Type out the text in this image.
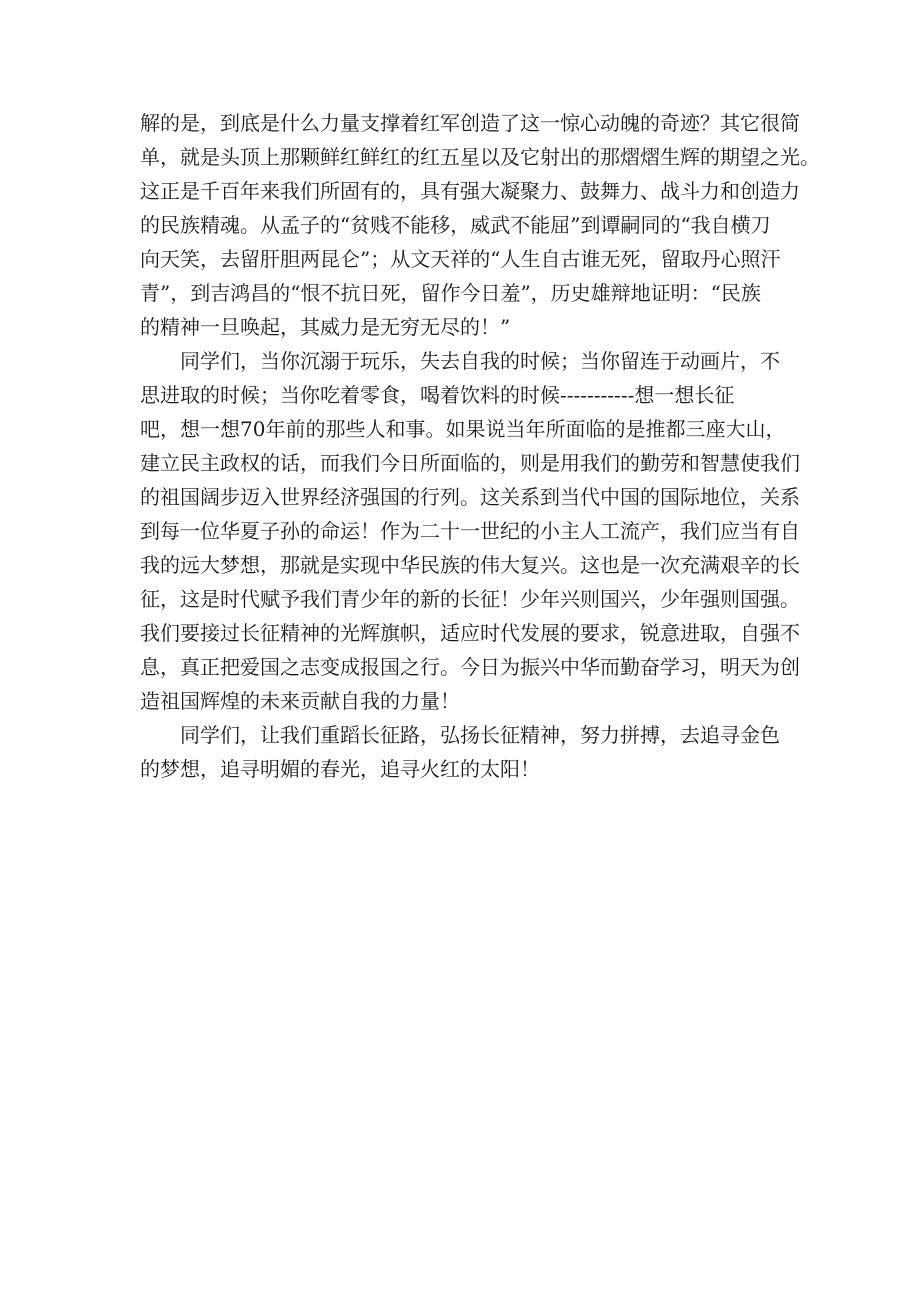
解的是，到底是什么力量支撑着红军创造了这一惊心动魄的奇迹？其它很简
单，就是头顶上那颗鲜红鲜红的红五星以及它射出的那熠熠生辉的期望之光。
这正是千百年来我们所固有的，具有强大凝聚力、鼓舞力、战斗力和创造力
的民族精魂。从孟子的“贫贱不能移，威武不能屈”到谭嗣同的“我自横刀
向天笑，去留肝胆两昆仑”；从文天祥的“人生自古谁无死，留取丹心照汗
青”，到吉鸿昌的“恨不抗日死，留作今日羞”，历史雄辩地证明：“民族
的精神一旦唤起，其威力是无穷无尽的！”
同学们，当你沉溺于玩乐，失去自我的时候；当你留连于动画片，不
思进取的时候；当你吃着零食，喝着饮料的时候-----------想一想长征
吧，想一想70年前的那些人和事。如果说当年所面临的是推都三座大山，
建立民主政权的话，而我们今日所面临的，则是用我们的勤劳和智慧使我们
的祖国阔步迈入世界经济强国的行列。这关系到当代中国的国际地位，关系
到每一位华夏子孙的命运！作为二十一世纪的小主人工流产，我们应当有自
我的远大梦想，那就是实现中华民族的伟大复兴。这也是一次充满艰辛的长
征，这是时代赋予我们青少年的新的长征！少年兴则国兴，少年强则国强。
我们要接过长征精神的光辉旗帜，适应时代发展的要求，锐意进取，自强不
息，真正把爱国之志变成报国之行。今日为振兴中华而勤奋学习，明天为创
造祖国辉煌的未来贡献自我的力量！
同学们，让我们重蹈长征路，弘扬长征精神，努力拼搏，去追寻金色
的梦想，追寻明媚的春光，追寻火红的太阳！
